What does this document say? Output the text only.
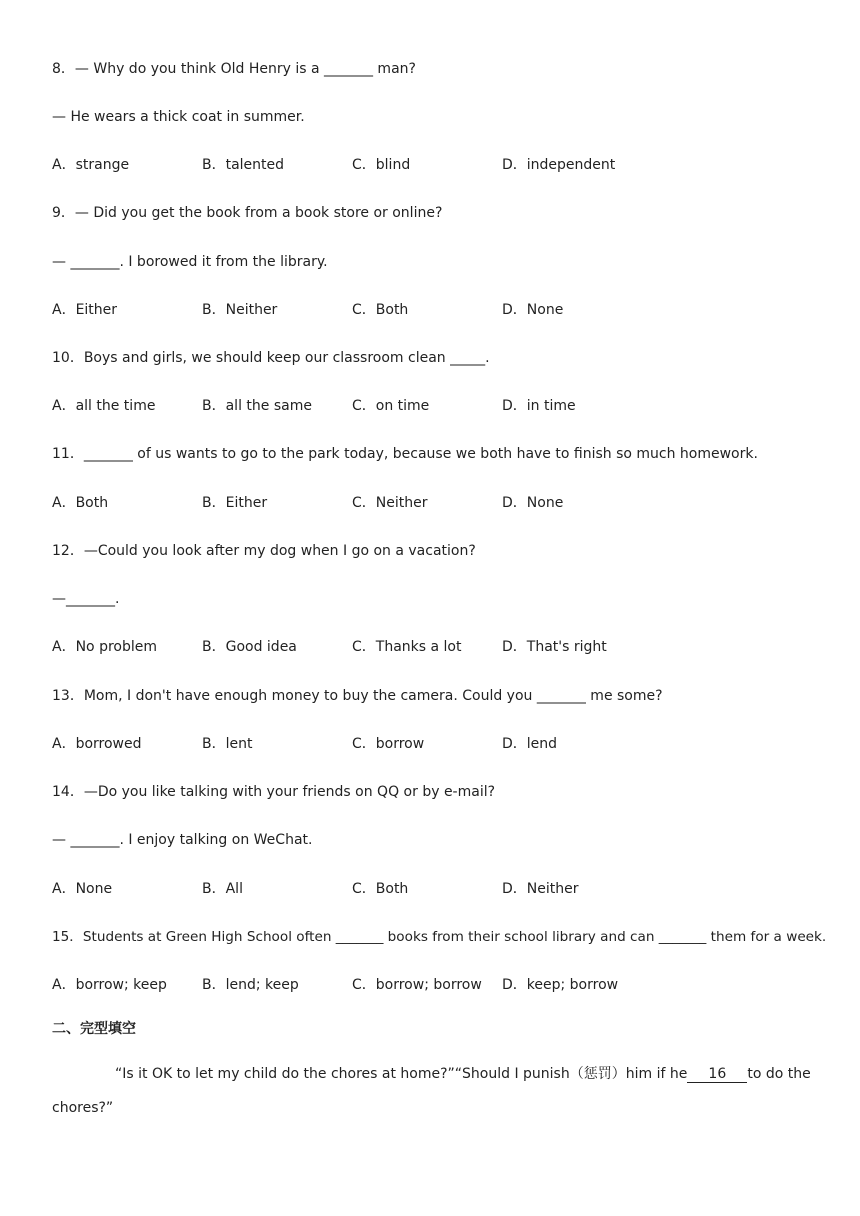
8．— Why do you think Old Henry is a _______ man?
— He wears a thick coat in summer.
A．strange	B．talented	C．blind	D．independent
9．— Did you get the book from a book store or online?
— _______. I borowed it from the library.
A．Either	B．Neither	C．Both	D．None
10．Boys and girls, we should keep our classroom clean _____.
A．all the time	B．all the same	C．on time	D．in time
11．_______ of us wants to go to the park today, because we both have to finish so much homework.
A．Both	B．Either	C．Neither	D．None
12．—Could you look after my dog when I go on a vacation?
—_______.
A．No problem	B．Good idea	C．Thanks a lot	D．That's right
13．Mom, I don't have enough money to buy the camera. Could you _______ me some?
A．borrowed	B．lent	C．borrow	D．lend
14．—Do you like talking with your friends on QQ or by e-mail?
— _______. I enjoy talking on WeChat.
A．None	B．All	C．Both	D．Neither
15．Students at Green High School often _______ books from their school library and can _______ them for a week.
A．borrow; keep	B．lend; keep	C．borrow; borrow D．keep; borrow
二、完型填空
“Is it OK to let my child do the chores at home?”“Should I punish（惩罚）him if he 16 to do the
chores?”
